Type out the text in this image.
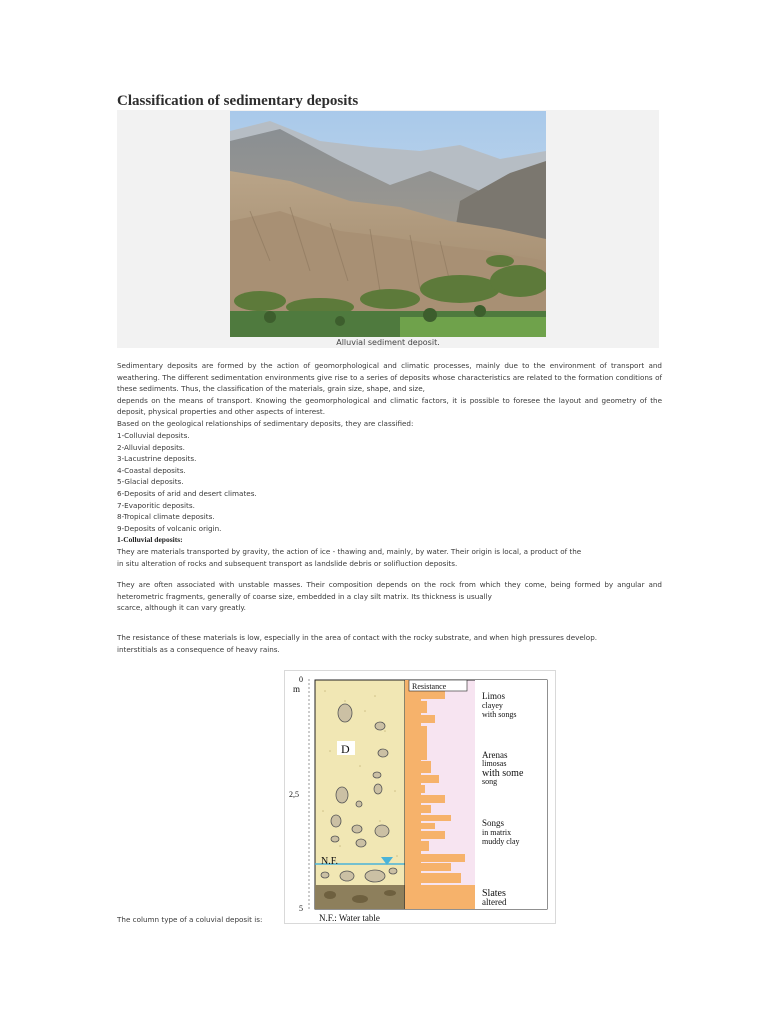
Classification of sedimentary deposits
Alluvial sediment deposit.

Sedimentary deposits are formed by the action of geomorphological and climatic processes, mainly due to the environment of transport and weathering. The different sedimentation environments give rise to a series of deposits whose characteristics are related to the formation conditions of these sediments. Thus, the classification of the materials, grain size, shape, and size,

depends on the means of transport. Knowing the geomorphological and climatic factors, it is possible to foresee the layout and geometry of the deposit, physical properties and other aspects of interest.

Based on the geological relationships of sedimentary deposits, they are classified:

1-Colluvial deposits.

2-Alluvial deposits.

3-Lacustrine deposits.

4-Coastal deposits.

5-Glacial deposits.

6-Deposits of arid and desert climates.

7-Evaporitic deposits.

8-Tropical climate deposits.

9-Deposits of volcanic origin.

1-Colluvial deposits:

They are materials transported by gravity, the action of ice - thawing and, mainly, by water. Their origin is local, a product of the

in situ alteration of rocks and subsequent transport as landslide debris or solifluction deposits.

They are often associated with unstable masses. Their composition depends on the rock from which they come, being formed by angular and heterometric fragments, generally of coarse size, embedded in a clay silt matrix. Its thickness is usually

scarce, although it can vary greatly.

The resistance of these materials is low, especially in the area of contact with the rocky substrate, and when high pressures develop.

interstitials as a consequence of heavy rains.

The column type of a coluvial deposit is:
N.F.
D
Resistance
0
m
2,5
5
Limos
clayey
with songs
Arenas
limosas
with some
song
Songs
in matrix
muddy clay
Slates
altered
N.F.: Water table
